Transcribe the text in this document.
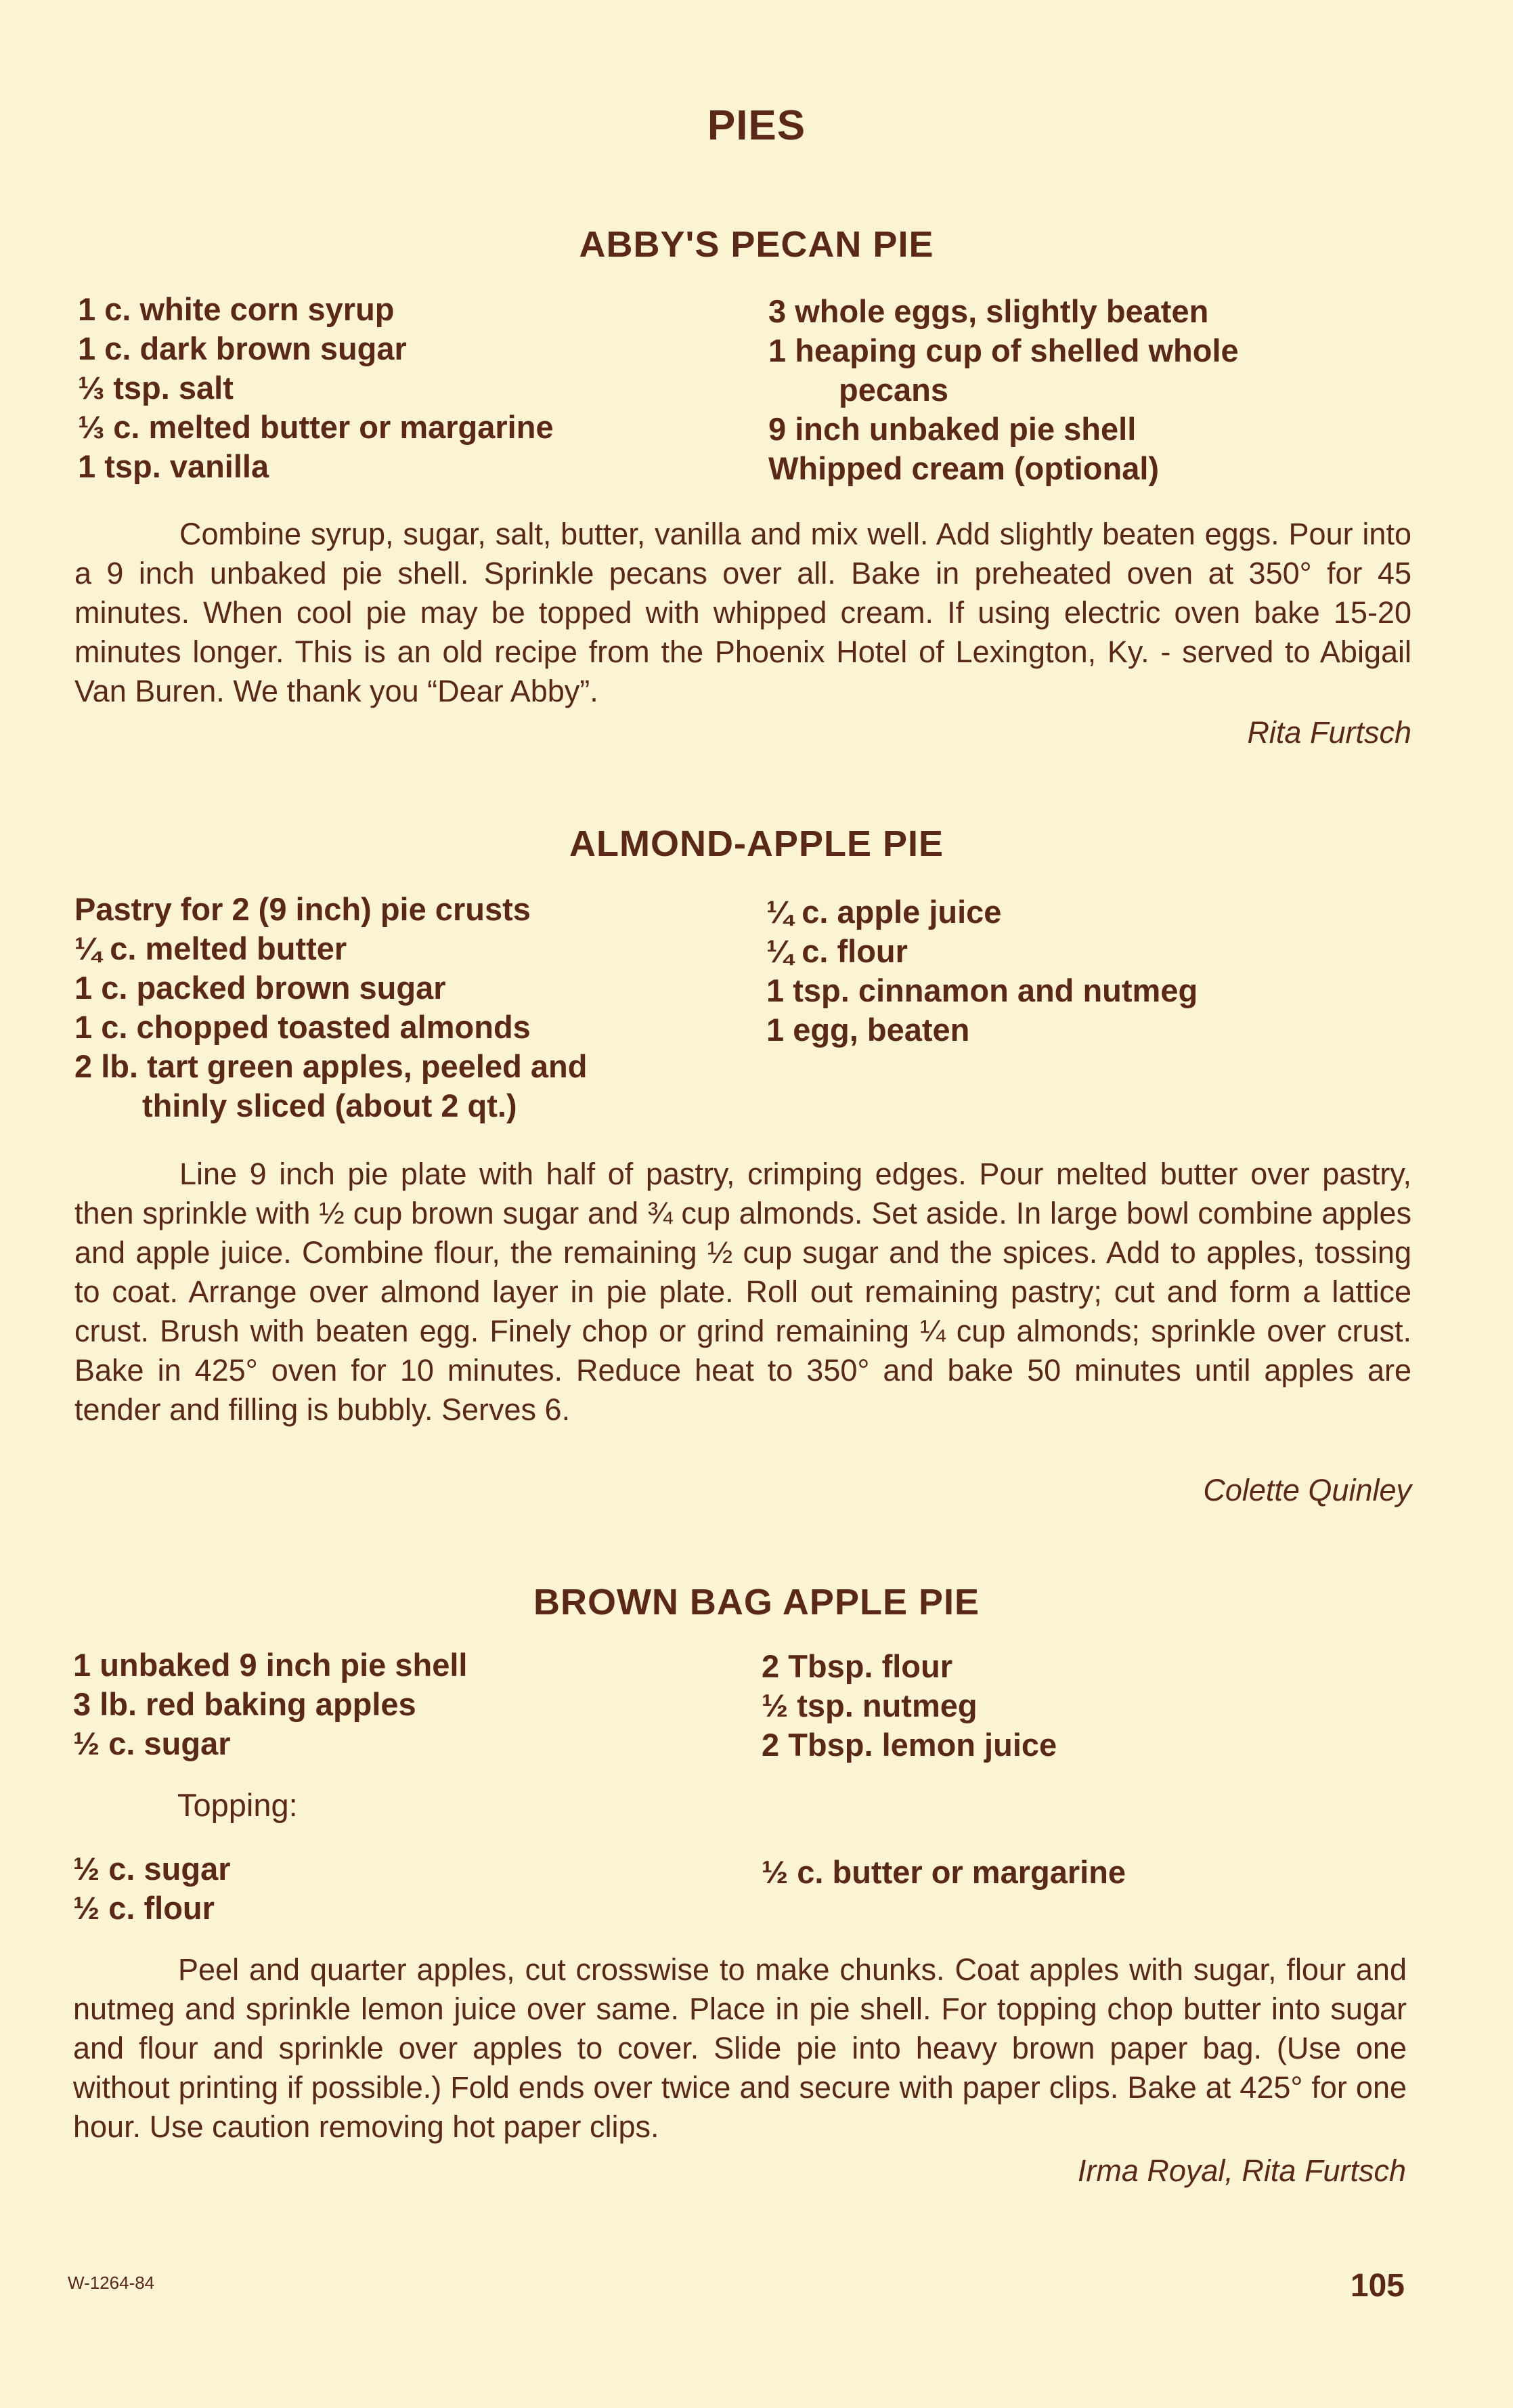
PIES
ABBY'S PECAN PIE
1 c. white corn syrup
1 c. dark brown sugar
⅓ tsp. salt
⅓ c. melted butter or margarine
1 tsp. vanilla
3 whole eggs, slightly beaten
1 heaping cup of shelled whole
pecans
9 inch unbaked pie shell
Whipped cream (optional)

Combine syrup, sugar, salt, butter, vanilla and mix well. Add slightly beaten eggs. Pour into a 9 inch unbaked pie shell. Sprinkle pecans over all. Bake in preheated oven at 350° for 45 minutes. When cool pie may be topped with whipped cream. If using electric oven bake 15-20 minutes longer. This is an old recipe from the Phoenix Hotel of Lexington, Ky. - served to Abigail Van Buren. We thank you “Dear Abby”.

Rita Furtsch
ALMOND-APPLE PIE
Pastry for 2 (9 inch) pie crusts
¼ c. melted butter
1 c. packed brown sugar
1 c. chopped toasted almonds
2 lb. tart green apples, peeled and
thinly sliced (about 2 qt.)
¼ c. apple juice
¼ c. flour
1 tsp. cinnamon and nutmeg
1 egg, beaten

Line 9 inch pie plate with half of pastry, crimping edges. Pour melted butter over pastry, then sprinkle with ½ cup brown sugar and ¾ cup almonds. Set aside. In large bowl combine apples and apple juice. Combine flour, the remaining ½ cup sugar and the spices. Add to apples, tossing to coat. Arrange over almond layer in pie plate. Roll out remaining pastry; cut and form a lattice crust. Brush with beaten egg. Finely chop or grind remaining ¼ cup almonds; sprinkle over crust. Bake in 425° oven for 10 minutes. Reduce heat to 350° and bake 50 minutes until apples are tender and filling is bubbly. Serves 6.

Colette Quinley
BROWN BAG APPLE PIE
1 unbaked 9 inch pie shell
3 lb. red baking apples
½ c. sugar
2 Tbsp. flour
½ tsp. nutmeg
2 Tbsp. lemon juice
Topping:
½ c. sugar
½ c. flour
½ c. butter or margarine

Peel and quarter apples, cut crosswise to make chunks. Coat apples with sugar, flour and nutmeg and sprinkle lemon juice over same. Place in pie shell. For topping chop butter into sugar and flour and sprinkle over apples to cover. Slide pie into heavy brown paper bag. (Use one without printing if possible.) Fold ends over twice and secure with paper clips. Bake at 425° for one hour. Use caution removing hot paper clips.

Irma Royal, Rita Furtsch
W-1264-84	105
